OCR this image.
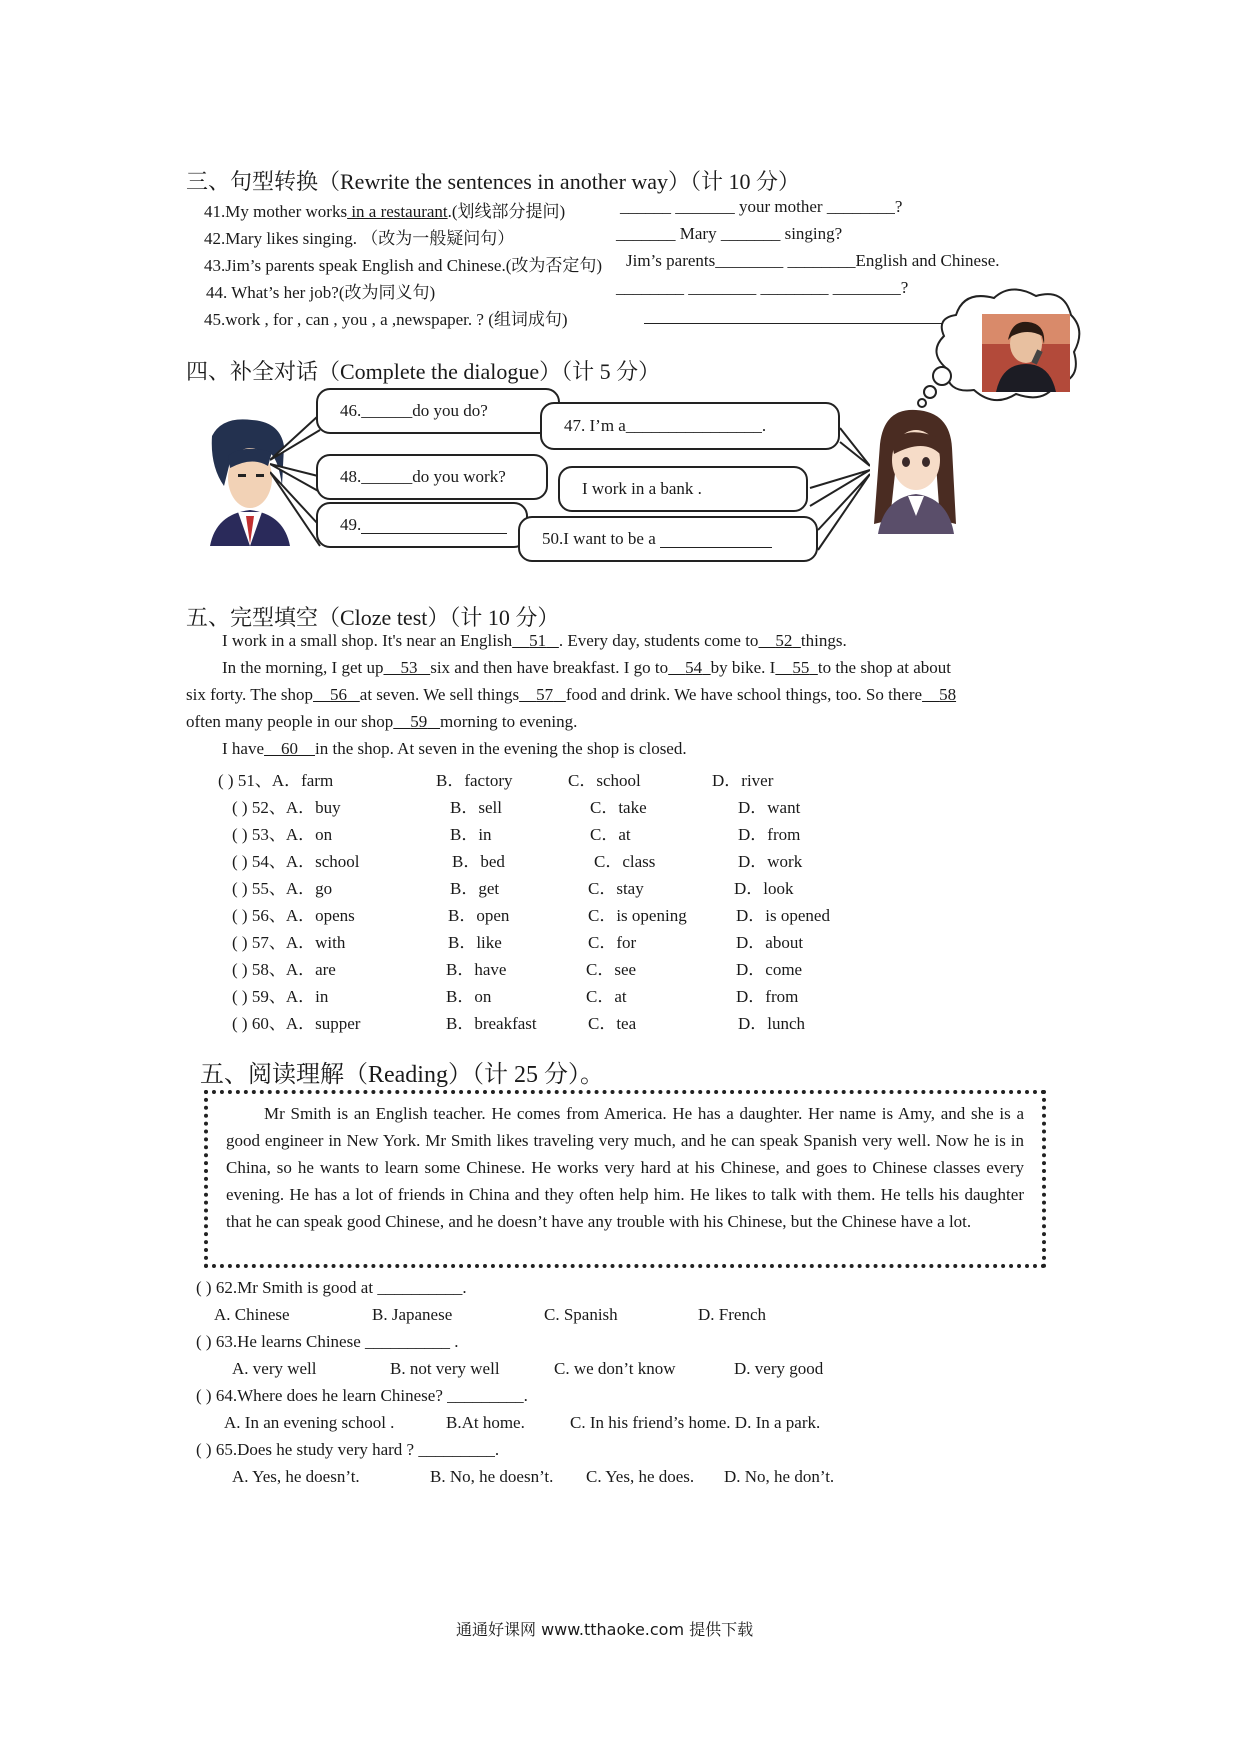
三、句型转换（Rewrite the sentences in another way）（计 10 分）
41.My mother works in a restaurant.(划线部分提问)	______ _______ your mother ________?
42.Mary likes singing. （改为一般疑问句）	_______ Mary _______ singing?
43.Jim’s parents speak English and Chinese.(改为否定句) Jim’s parents________ ________English and Chinese.
44. What’s her job?(改为同义句)	________ ________ ________ ________?
45.work , for , can , you , a ,newspaper. ? (组词成句)
四、补全对话（Complete the dialogue）（计 5 分）
46.______do you do?
47. I’m a________________.
48.______do you work?
I work in a bank .
49.
50.I want to be a

五、完型填空（Cloze test）（计 10 分）
I work in a small shop. It's near an English 51 . Every day, students come to 52 things.
In the morning, I get up 53 six and then have breakfast. I go to 54 by bike. I 55 to the shop at about
six forty. The shop 56 at seven. We sell things 57 food and drink. We have school things, too. So there 58
often many people in our shop 59 morning to evening.
I have 60 in the shop. At seven in the evening the shop is closed.
( ) 51、A．farm	B．factory	C．school	D．river
( ) 52、A．buy	B．sell	C．take	D．want
( ) 53、A．on	B．in	C．at	D．from
( ) 54、A．school	B．bed	C．class	D．work
( ) 55、A．go	B．get	C．stay	D．look
( ) 56、A．opens	B．open	C．is opening	D．is opened
( ) 57、A．with	B．like	C．for	D．about
( ) 58、A．are	B．have	C．see	D．come
( ) 59、A．in	B．on	C．at	D．from
( ) 60、A．supper	B．breakfast	C．tea	D．lunch
五、阅读理解（Reading）（计 25 分）。
Mr Smith is an English teacher. He comes from America. He has a daughter. Her name is Amy, and she is a good engineer in New York. Mr Smith likes traveling very much, and he can speak Spanish very well. Now he is in China, so he wants to learn some Chinese. He works very hard at his Chinese, and goes to Chinese classes every evening. He has a lot of friends in China and they often help him. He likes to talk with them. He tells his daughter that he can speak good Chinese, and he doesn’t have any trouble with his Chinese, but the Chinese have a lot.
( ) 62.Mr Smith is good at __________.
A. Chinese	B. Japanese	C. Spanish	D. French
( ) 63.He learns Chinese __________ .
A. very well	B. not very well	C. we don’t know	D. very good
( ) 64.Where does he learn Chinese? _________.
A. In an evening school .	B.At home.	C. In his friend’s home. D. In a park.
( ) 65.Does he study very hard ? _________.
A. Yes, he doesn’t.	B. No, he doesn’t. C. Yes, he does. D. No, he don’t.
通通好课网 www.tthaoke.com 提供下载
